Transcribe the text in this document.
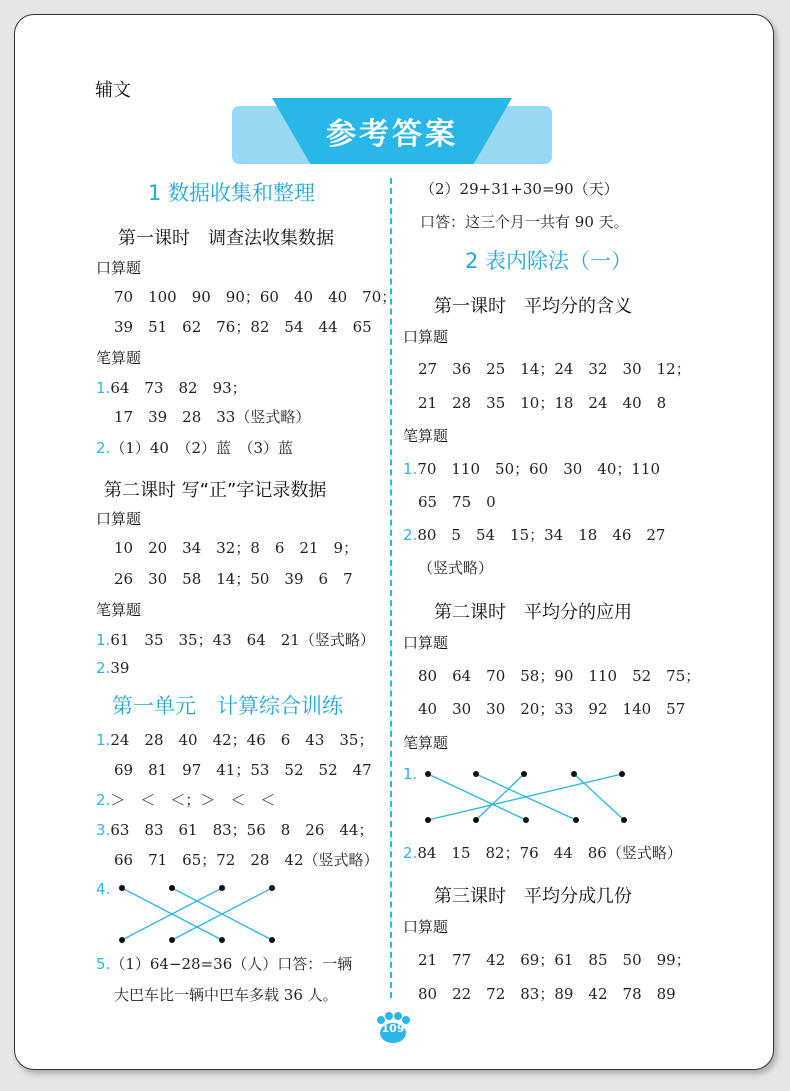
辅文
参考答案
1 数据收集和整理
第一课时　调查法收集数据
口算题
70　100　90　90；60　40　40　70；
39　51　62　76；82　54　44　65
笔算题
1.64　73　82　93；
17　39　28　33（竖式略）
2.（1）40　（2）蓝　（3）蓝
第二课时 写“正”字记录数据
口算题
10　20　34　32；8　6　21　9；
26　30　58　14；50　39　6　7
笔算题
1.61　35　35；43　64　21（竖式略）
2.39
第一单元　计算综合训练
1.24　28　40　42；46　6　43　35；
69　81　97　41；53　52　52　47
2.＞　＜　＜；＞　＜　＜
3.63　83　61　83；56　8　26　44；
66　71　65；72　28　42（竖式略）
4.
5.（1）64−28=36（人）口答：一辆
大巴车比一辆中巴车多载 36 人。
（2）29+31+30=90（天）
口答：这三个月一共有 90 天。
2 表内除法（一）
第一课时　平均分的含义
口算题
27　36　25　14；24　32　30　12；
21　28　35　10；18　24　40　8
笔算题
1.70　110　50；60　30　40；110
65　75　0
2.80　5　54　15；34　18　46　27
（竖式略）
第二课时　平均分的应用
口算题
80　64　70　58；90　110　52　75；
40　30　30　20；33　92　140　57
笔算题
1.
2.84　15　82；76　44　86（竖式略）
第三课时　平均分成几份
口算题
21　77　42　69；61　85　50　99；
80　22　72　83；89　42　78　89
109
